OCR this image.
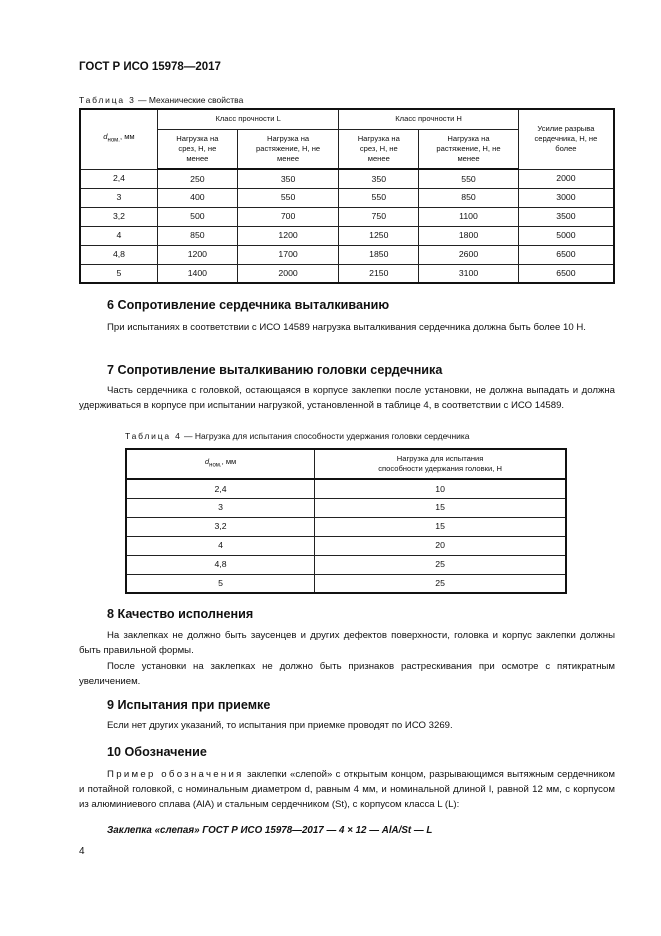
ГОСТ Р ИСО 15978—2017
Таблица 3 — Механические свойства
$d_{ном.}$, мм	Класс прочности L		Класс прочности H		Усилие разрыва сердечника, Н, не более
	Нагрузка на срез, Н, не менее	Нагрузка на растяжение, Н, не менее	Нагрузка на срез, Н, не менее	Нагрузка на растяжение, Н, не менее	
2,4	250	350	350	550	2000
3	400	550	550	850	3000
3,2	500	700	750	1100	3500
4	850	1200	1250	1800	5000
4,8	1200	1700	1850	2600	6500
5	1400	2000	2150	3100	6500
6 Сопротивление сердечника выталкиванию
При испытаниях в соответствии с ИСО 14589 нагрузка выталкивания сердечника должна быть более 10 Н.
7 Сопротивление выталкиванию головки сердечника
Часть сердечника с головкой, остающаяся в корпусе заклепки после установки, не должна выпадать и должна удерживаться в корпусе при испытании нагрузкой, установленной в таблице 4, в соответствии с ИСО 14589.
Таблица 4 — Нагрузка для испытания способности удержания головки сердечника
$d_{ном.}$, мм	Нагрузка для испытания способности удержания головки, Н
2,4	10
3	15
3,2	15
4	20
4,8	25
5	25
8 Качество исполнения
На заклепках не должно быть заусенцев и других дефектов поверхности, головка и корпус заклепки должны быть правильной формы.
После установки на заклепках не должно быть признаков растрескивания при осмотре с пятикратным увеличением.
9 Испытания при приемке
Если нет других указаний, то испытания при приемке проводят по ИСО 3269.
10 Обозначение
Пример обозначения заклепки «слепой» с открытым концом, разрывающимся вытяжным сердечником и потайной головкой, с номинальным диаметром d, равным 4 мм, и номинальной длиной l, равной 12 мм, с корпусом из алюминиевого сплава (AlA) и стальным сердечником (St), с корпусом класса L (L):
Заклепка «слепая» ГОСТ Р ИСО 15978—2017 — 4 × 12 — AlA/St — L
4
